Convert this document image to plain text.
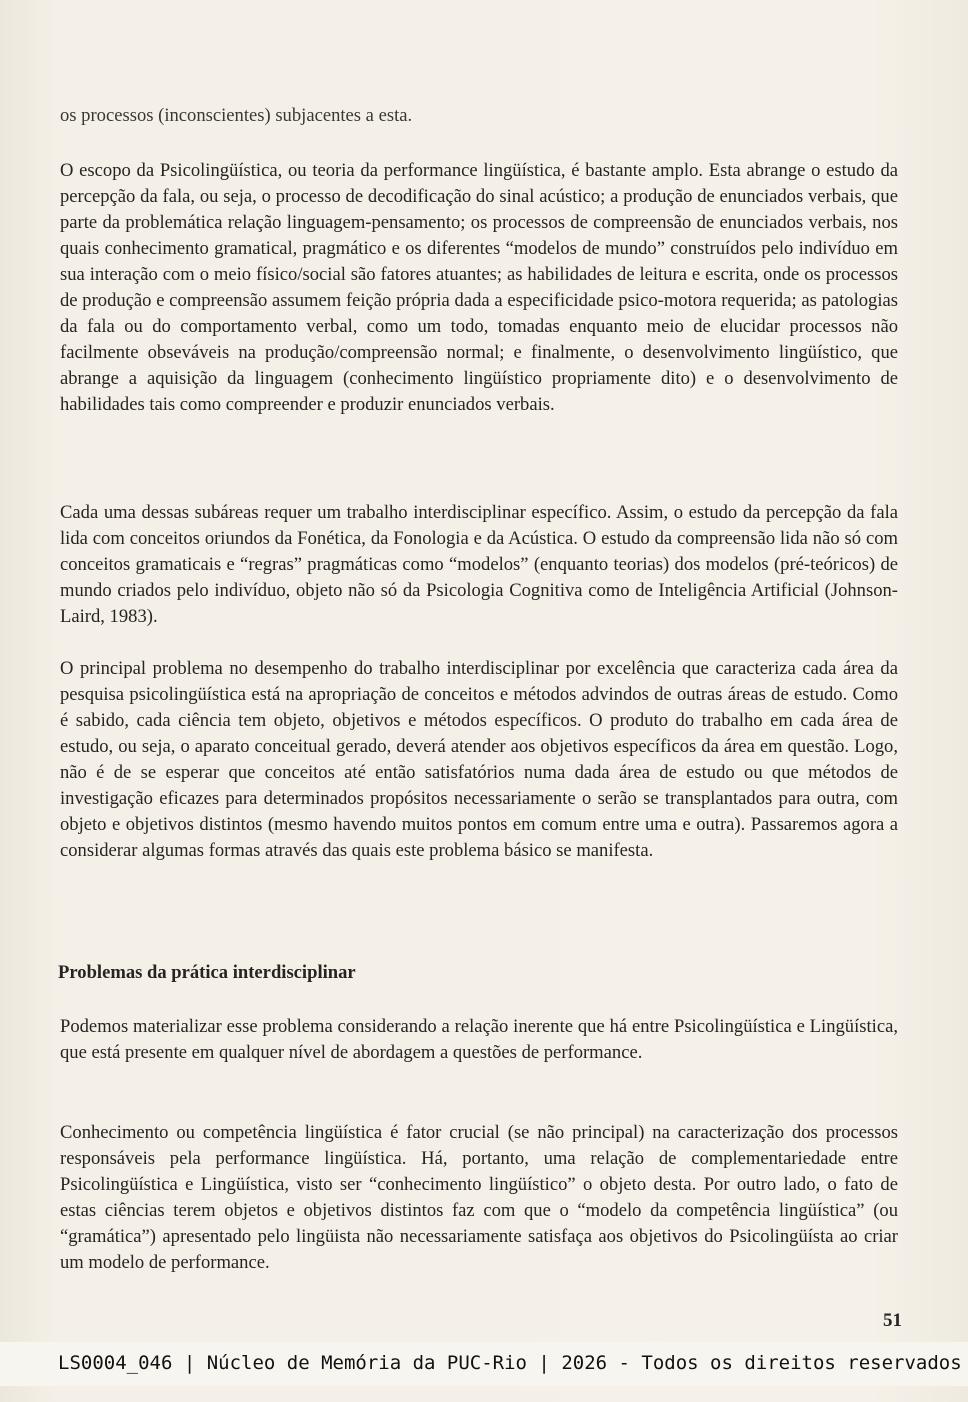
os processos (inconscientes) subjacentes a esta.

O escopo da Psicolingüística, ou teoria da performance lingüística, é bastante amplo. Esta abrange o estudo da percepção da fala, ou seja, o processo de decodificação do sinal acústico; a produção de enunciados verbais, que parte da problemática relação linguagem-pensamento; os processos de compreensão de enunciados verbais, nos quais conhecimento gramatical, pragmático e os diferentes “modelos de mundo” construídos pelo indivíduo em sua interação com o meio físico/social são fatores atuantes; as habilidades de leitura e escrita, onde os processos de produção e compreensão assumem feição própria dada a especificidade psico-motora requerida; as patologias da fala ou do comportamento verbal, como um todo, tomadas enquanto meio de elucidar processos não facilmente obseváveis na produção/compreensão normal; e finalmente, o desenvolvimento lingüístico, que abrange a aquisição da linguagem (conhecimento lingüístico propriamente dito) e o desenvolvimento de habilidades tais como compreender e produzir enunciados verbais.

Cada uma dessas subáreas requer um trabalho interdisciplinar específico. Assim, o estudo da percepção da fala lida com conceitos oriundos da Fonética, da Fonologia e da Acústica. O estudo da compreensão lida não só com conceitos gramaticais e “regras” pragmáticas como “modelos” (enquanto teorias) dos modelos (pré-teóricos) de mundo criados pelo indivíduo, objeto não só da Psicologia Cognitiva como de Inteligência Artificial (Johnson-Laird, 1983).

O principal problema no desempenho do trabalho interdisciplinar por excelência que caracteriza cada área da pesquisa psicolingüística está na apropriação de conceitos e métodos advindos de outras áreas de estudo. Como é sabido, cada ciência tem objeto, objetivos e métodos específicos. O produto do trabalho em cada área de estudo, ou seja, o aparato conceitual gerado, deverá atender aos objetivos específicos da área em questão. Logo, não é de se esperar que conceitos até então satisfatórios numa dada área de estudo ou que métodos de investigação eficazes para determinados propósitos necessariamente o serão se transplantados para outra, com objeto e objetivos distintos (mesmo havendo muitos pontos em comum entre uma e outra). Passaremos agora a considerar algumas formas através das quais este problema básico se manifesta.

Problemas da prática interdisciplinar

Podemos materializar esse problema considerando a relação inerente que há entre Psicolingüística e Lingüística, que está presente em qualquer nível de abordagem a questões de performance.

Conhecimento ou competência lingüística é fator crucial (se não principal) na caracterização dos processos responsáveis pela performance lingüística. Há, portanto, uma relação de complementariedade entre Psicolingüística e Lingüística, visto ser “conhecimento lingüístico” o objeto desta. Por outro lado, o fato de estas ciências terem objetos e objetivos distintos faz com que o “modelo da competência lingüística” (ou “gramática”) apresentado pelo lingüista não necessariamente satisfaça aos objetivos do Psicolingüísta ao criar um modelo de performance.

51
LS0004_046 | Núcleo de Memória da PUC-Rio | 2026 - Todos os direitos reservados
